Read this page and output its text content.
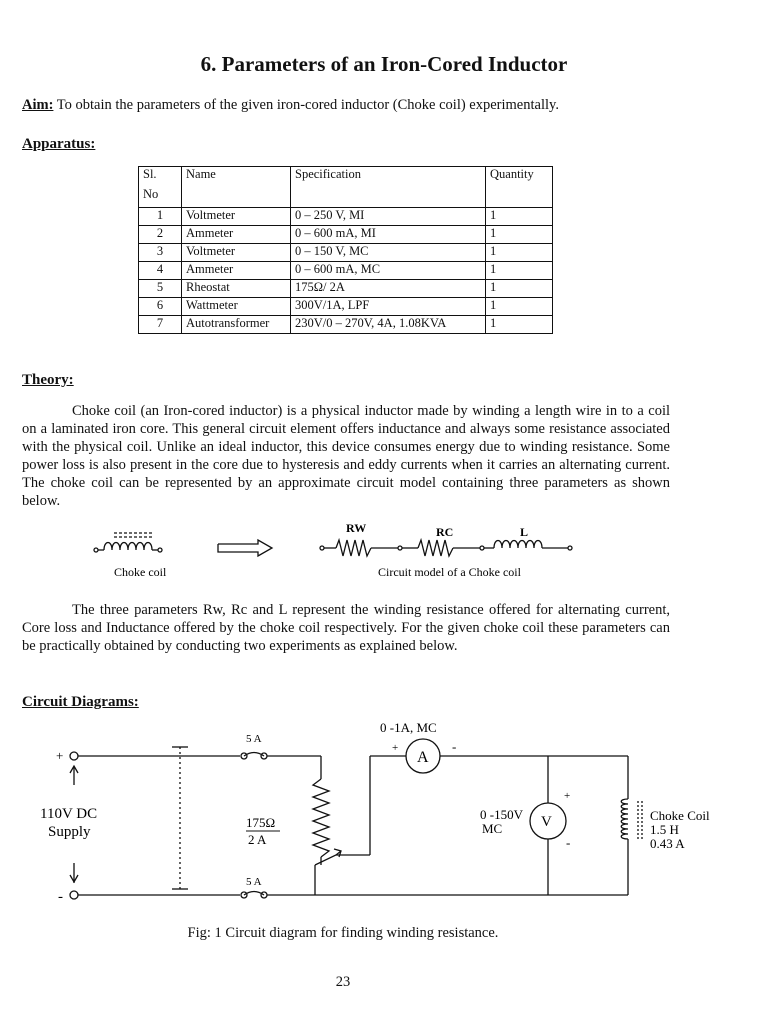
6. Parameters of an Iron-Cored Inductor
Aim: To obtain the parameters of the given iron-cored inductor (Choke coil) experimentally.
Apparatus:
Sl.
No	Name	Specification	Quantity
1	Voltmeter	0 – 250 V, MI	1
2	Ammeter	0 – 600 mA, MI	1
3	Voltmeter	0 – 150 V, MC	1
4	Ammeter	0 – 600 mA, MC	1
5	Rheostat	175Ω/ 2A	1
6	Wattmeter	300V/1A, LPF	1
7	Autotransformer	230V/0 – 270V, 4A, 1.08KVA	1
Theory:

Choke coil (an Iron-cored inductor) is a physical inductor made by winding a length wire in to a coil on a laminated iron core. This general circuit element offers inductance and always some resistance associated with the physical coil. Unlike an ideal inductor, this device consumes energy due to winding resistance. Some power loss is also present in the core due to hysteresis and eddy currents when it carries an alternating current. The choke coil can be represented by an approximate circuit model containing three parameters as shown below.

RW	RC	L
Choke coil	Circuit model of a Choke coil

The three parameters Rw, Rc and L represent the winding resistance offered for alternating current, Core loss and Inductance offered by the choke coil respectively. For the given choke coil these parameters can be practically obtained by conducting two experiments as explained below.

Circuit Diagrams:
+
-
110V DC
Supply
5 A
5 A
175Ω
2 A
0 -1A, MC
+	-
A
0 -150V
MC	V
+
-
Choke Coil
1.5 H
0.43 A
Fig: 1 Circuit diagram for finding winding resistance.
23
